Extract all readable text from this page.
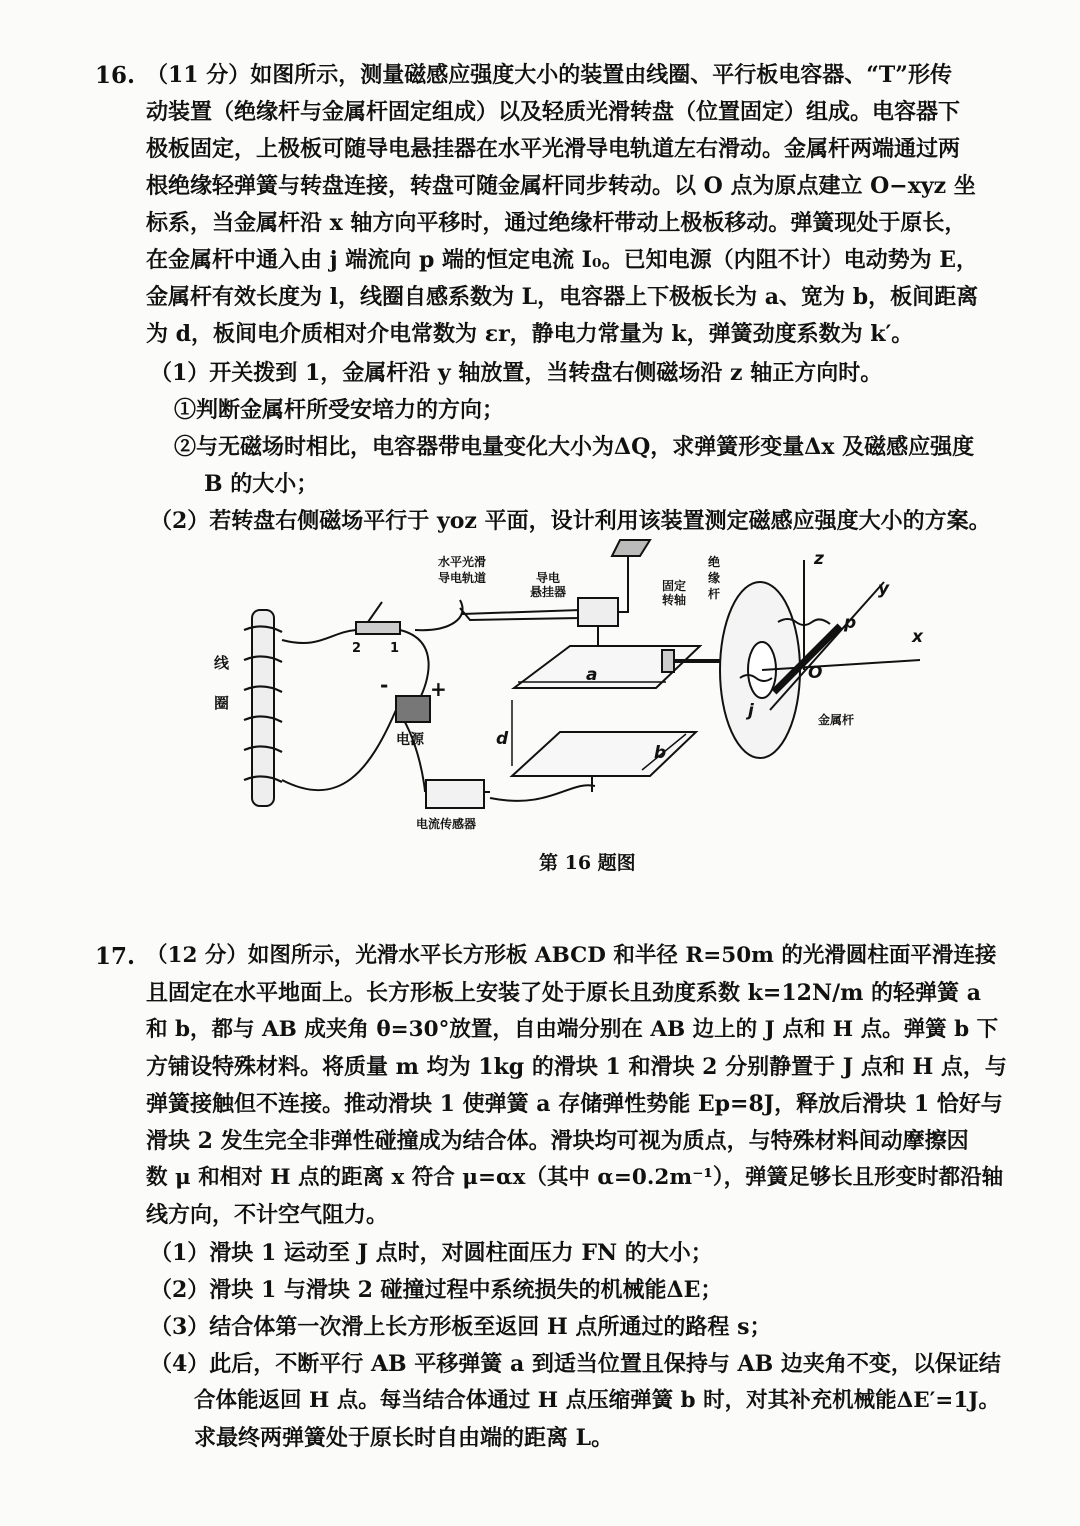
16. （11 分）如图所示，测量磁感应强度大小的装置由线圈、平行板电容器、“T”形传
动装置（绝缘杆与金属杆固定组成）以及轻质光滑转盘（位置固定）组成。电容器下
极板固定，上极板可随导电悬挂器在水平光滑导电轨道左右滑动。金属杆两端通过两
根绝缘轻弹簧与转盘连接，转盘可随金属杆同步转动。以 O 点为原点建立 O−xyz 坐
标系，当金属杆沿 x 轴方向平移时，通过绝缘杆带动上极板移动。弹簧现处于原长，
在金属杆中通入由 j 端流向 p 端的恒定电流 I₀。已知电源（内阻不计）电动势为 E，
金属杆有效长度为 l，线圈自感系数为 L，电容器上下极板长为 a、宽为 b，板间距离
为 d，板间电介质相对介电常数为 εr，静电力常量为 k，弹簧劲度系数为 k′。
（1）开关拨到 1，金属杆沿 y 轴放置，当转盘右侧磁场沿 z 轴正方向时。
①判断金属杆所受安培力的方向；
②与无磁场时相比，电容器带电量变化大小为ΔQ，求弹簧形变量Δx 及磁感应强度
B 的大小；
（2）若转盘右侧磁场平行于 yoz 平面，设计利用该装置测定磁感应强度大小的方案。
线
圈
水平光滑
导电轨道	导电
悬挂器	固定
转轴
绝
缘
杆
2 1
- +
电源
电流传感器
a
b
d
z
y
x
p
O
j	金属杆
第 16 题图
17. （12 分）如图所示，光滑水平长方形板 ABCD 和半径 R=50m 的光滑圆柱面平滑连接
且固定在水平地面上。长方形板上安装了处于原长且劲度系数 k=12N/m 的轻弹簧 a
和 b，都与 AB 成夹角 θ=30°放置，自由端分别在 AB 边上的 J 点和 H 点。弹簧 b 下
方铺设特殊材料。将质量 m 均为 1kg 的滑块 1 和滑块 2 分别静置于 J 点和 H 点，与
弹簧接触但不连接。推动滑块 1 使弹簧 a 存储弹性势能 Ep=8J，释放后滑块 1 恰好与
滑块 2 发生完全非弹性碰撞成为结合体。滑块均可视为质点，与特殊材料间动摩擦因
数 μ 和相对 H 点的距离 x 符合 μ=αx（其中 α=0.2m⁻¹），弹簧足够长且形变时都沿轴
线方向，不计空气阻力。
（1）滑块 1 运动至 J 点时，对圆柱面压力 FN 的大小；
（2）滑块 1 与滑块 2 碰撞过程中系统损失的机械能ΔE；
（3）结合体第一次滑上长方形板至返回 H 点所通过的路程 s；
（4）此后，不断平行 AB 平移弹簧 a 到适当位置且保持与 AB 边夹角不变，以保证结
合体能返回 H 点。每当结合体通过 H 点压缩弹簧 b 时，对其补充机械能ΔE′=1J。
求最终两弹簧处于原长时自由端的距离 L。
